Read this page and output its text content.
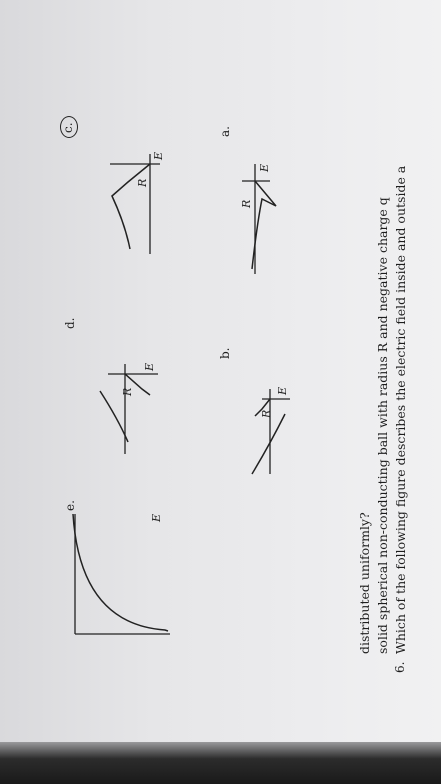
6.
Which of the following figure describes the electric field inside and outside a
solid spherical non-conducting ball with radius R and negative charge q
distributed uniformly?
a.
b.
c.
d.
e.
E
R
E
R
E
R
E
R
E
